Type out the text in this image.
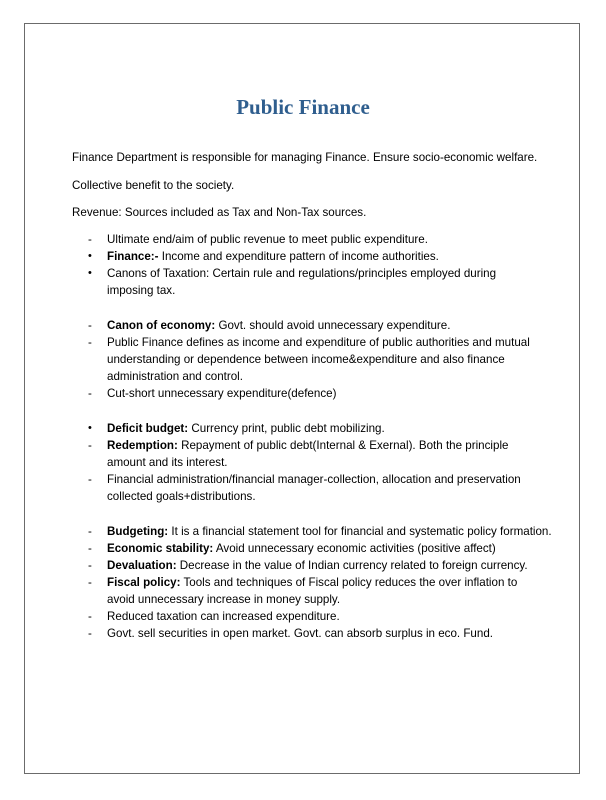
Public Finance
Finance Department is responsible for managing Finance. Ensure socio-economic welfare.
Collective benefit to the society.
Revenue: Sources included as Tax and Non-Tax sources.
-	Ultimate end/aim of public revenue to meet public expenditure.
•	Finance:- Income and expenditure pattern of income authorities.
•	Canons of Taxation: Certain rule and regulations/principles employed during imposing tax.
-	Canon of economy: Govt. should avoid unnecessary expenditure.
-	Public Finance defines as income and expenditure of public authorities and mutual understanding or dependence between income&expenditure and also finance administration and control.
-	Cut-short unnecessary expenditure(defence)
•	Deficit budget: Currency print, public debt mobilizing.
-	Redemption: Repayment of public debt(Internal & Exernal). Both the principle amount and its interest.
-	Financial administration/financial manager-collection, allocation and preservation collected goals+distributions.
-	Budgeting: It is a financial statement tool for financial and systematic policy formation.
-	Economic stability: Avoid unnecessary economic activities (positive affect)
-	Devaluation: Decrease in the value of Indian currency related to foreign currency.
-	Fiscal policy: Tools and techniques of Fiscal policy reduces the over inflation to avoid unnecessary increase in money supply.
-	Reduced taxation can increased expenditure.
-	Govt. sell securities in open market. Govt. can absorb surplus in eco. Fund.
